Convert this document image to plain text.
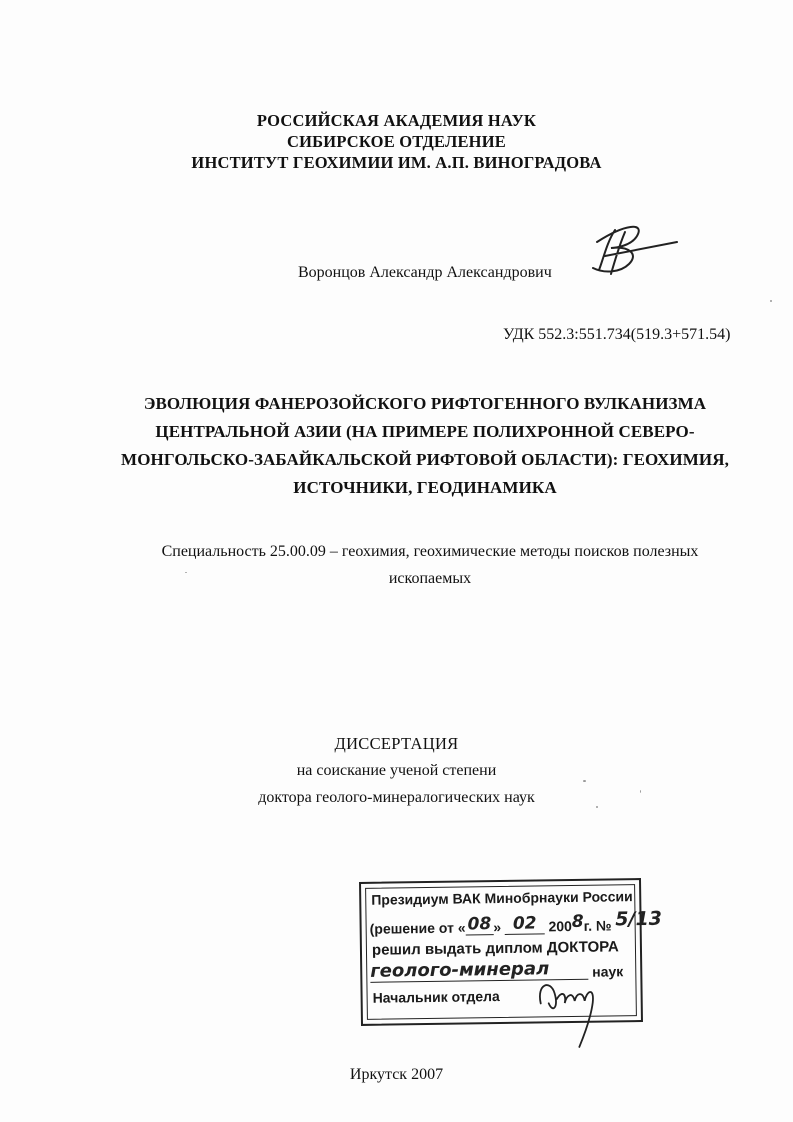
РОССИЙСКАЯ АКАДЕМИЯ НАУК
СИБИРСКОЕ ОТДЕЛЕНИЕ
ИНСТИТУТ ГЕОХИМИИ ИМ. А.П. ВИНОГРАДОВА
Воронцов Александр Александрович
УДК 552.3:551.734(519.3+571.54)
ЭВОЛЮЦИЯ ФАНЕРОЗОЙСКОГО РИФТОГЕННОГО ВУЛКАНИЗМА
ЦЕНТРАЛЬНОЙ АЗИИ (НА ПРИМЕРЕ ПОЛИХРОННОЙ СЕВЕРО-
МОНГОЛЬСКО-ЗАБАЙКАЛЬСКОЙ РИФТОВОЙ ОБЛАСТИ): ГЕОХИМИЯ,
ИСТОЧНИКИ, ГЕОДИНАМИКА
Специальность 25.00.09 – геохимия, геохимические методы поисков полезных
ископаемых
ДИССЕРТАЦИЯ
на соискание ученой степени
доктора геолого-минералогических наук
Президиум ВАК Минобрнауки России
(решение от « 08 » 02 2008г. № 5/13
решил выдать диплом ДОКТОРА
геолого-минерал	наук
Начальник отдела
Иркутск 2007
